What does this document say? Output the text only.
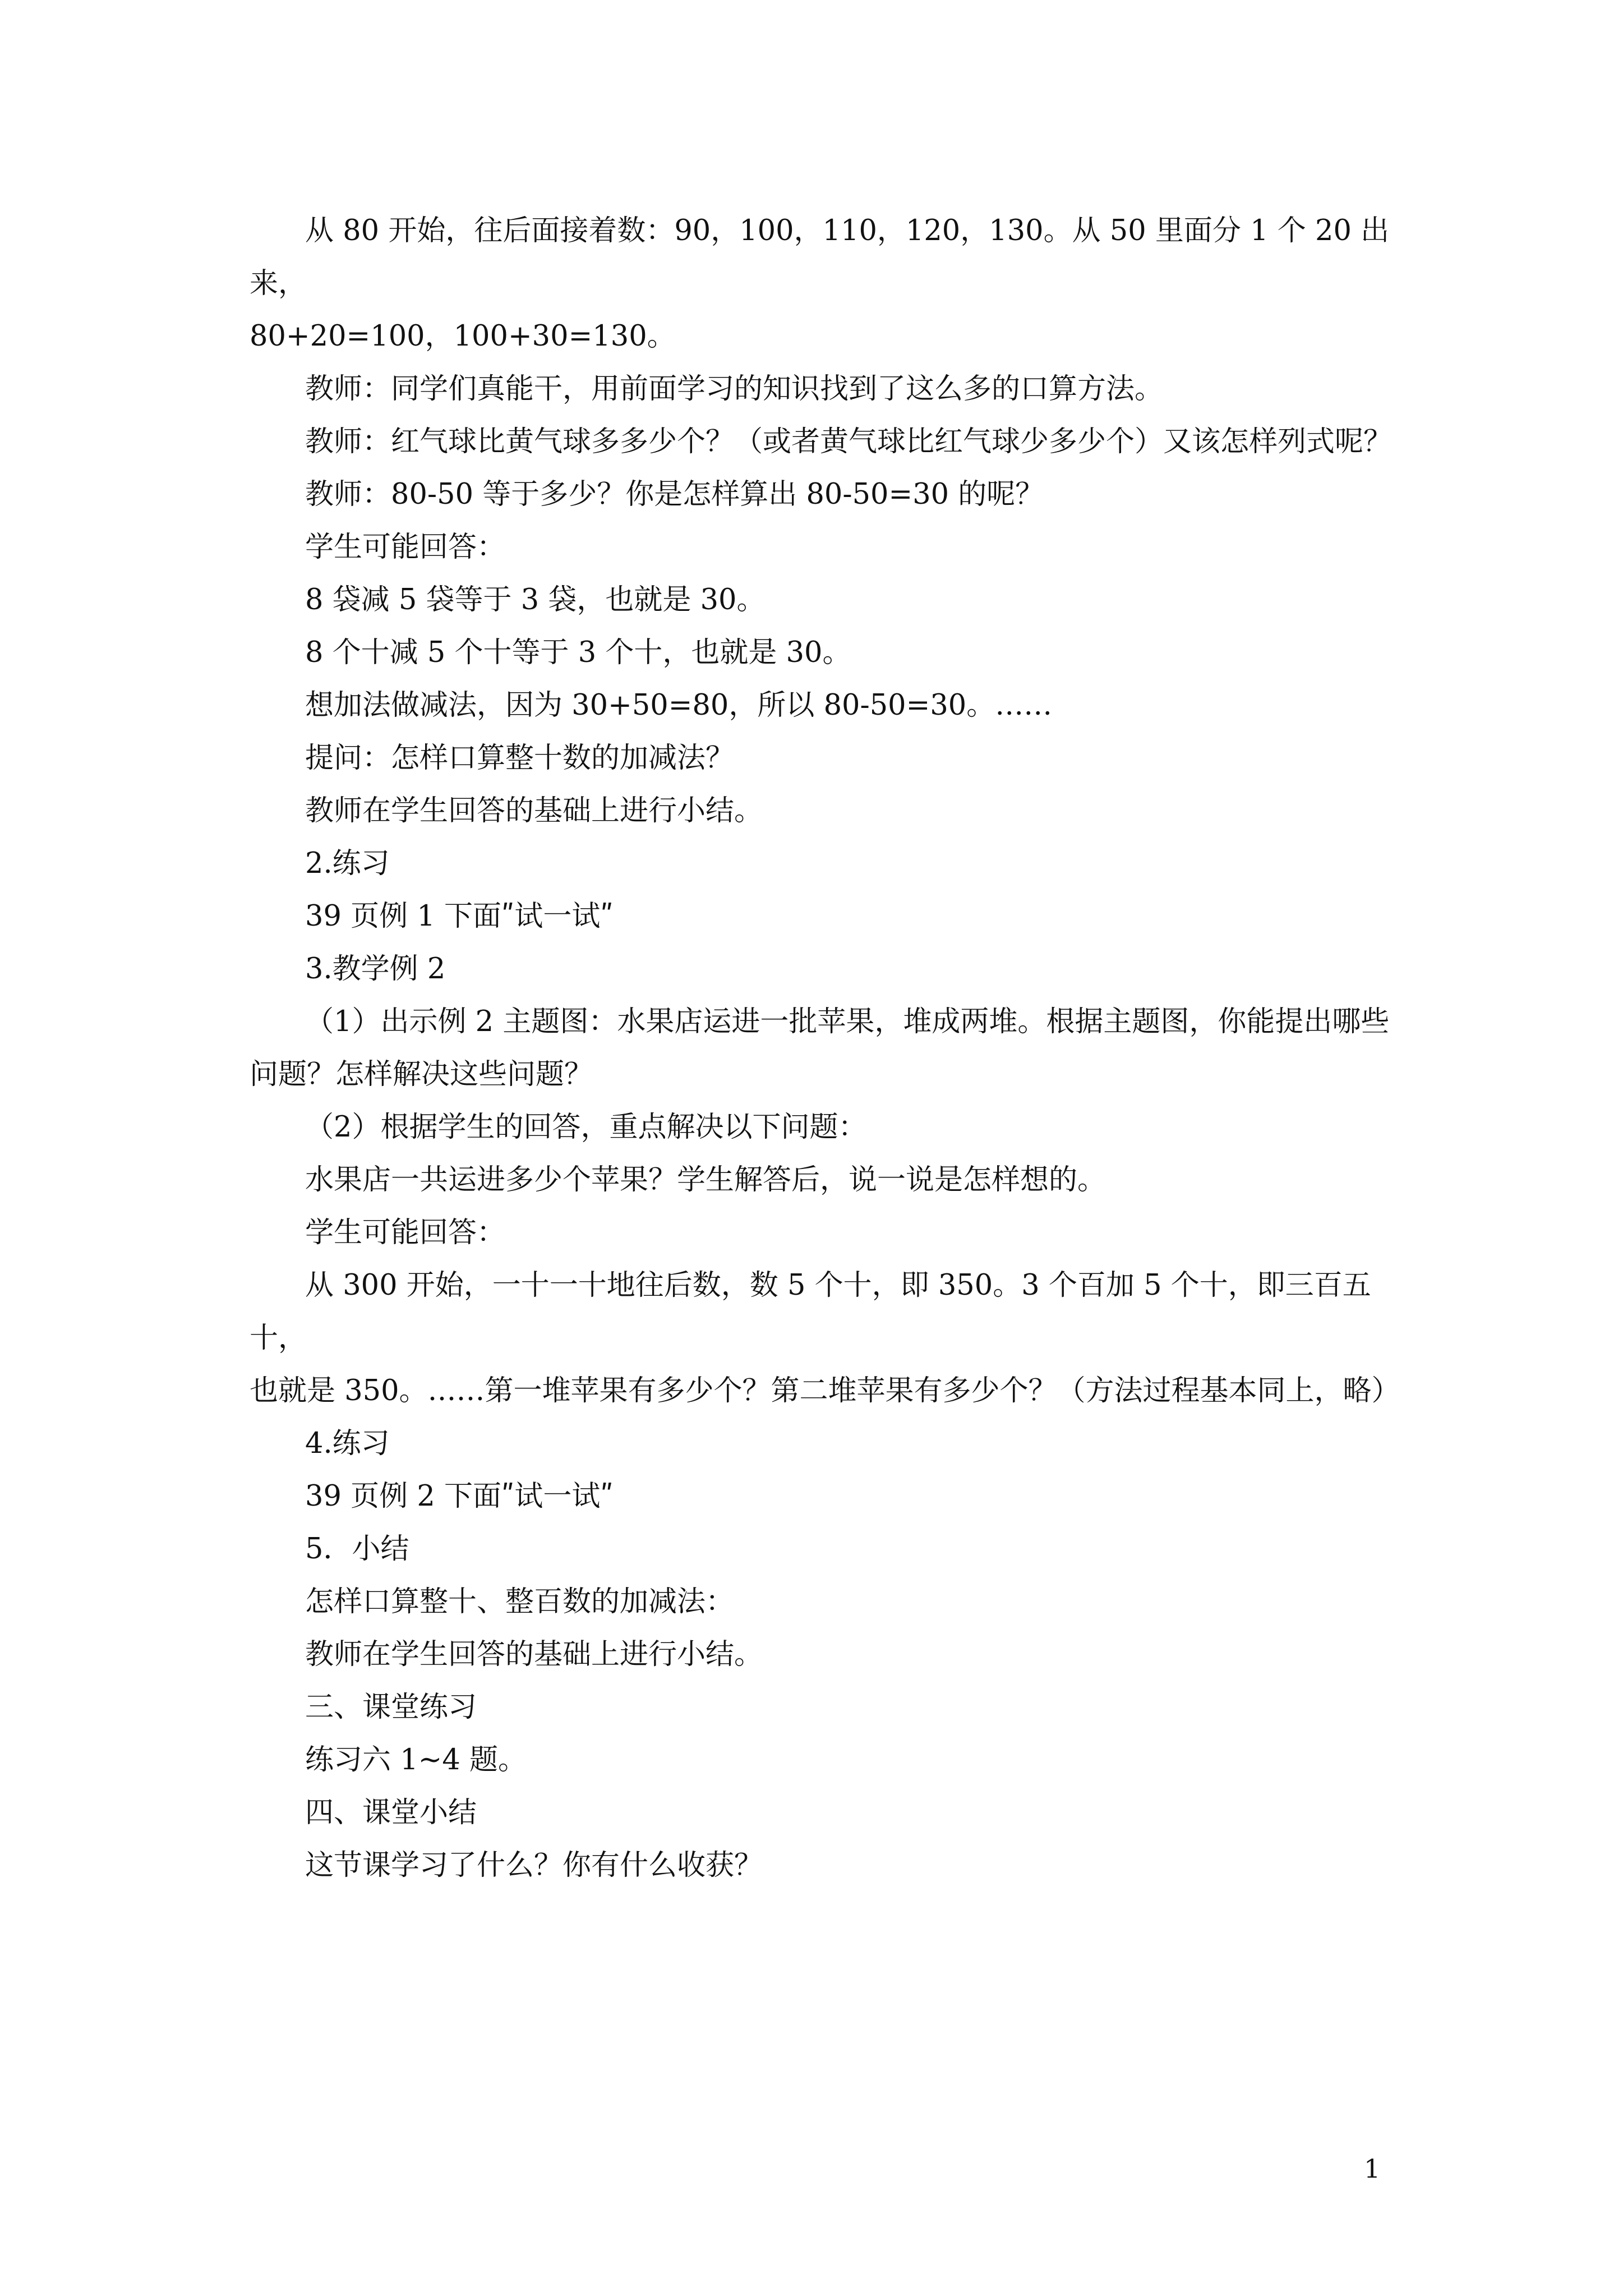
从 80 开始，往后面接着数：90，100，110，120，130。从 50 里面分 1 个 20 出来，
80+20=100，100+30=130。
教师：同学们真能干，用前面学习的知识找到了这么多的口算方法。
教师：红气球比黄气球多多少个？（或者黄气球比红气球少多少个）又该怎样列式呢？
教师：80-50 等于多少？你是怎样算出 80-50=30 的呢？
学生可能回答：
8 袋减 5 袋等于 3 袋，也就是 30。
8 个十减 5 个十等于 3 个十，也就是 30。
想加法做减法，因为 30+50=80，所以 80-50=30。……
提问：怎样口算整十数的加减法？
教师在学生回答的基础上进行小结。
2.练习
39 页例 1 下面ʺ试一试ʺ
3.教学例 2
（1）出示例 2 主题图：水果店运进一批苹果，堆成两堆。根据主题图，你能提出哪些
问题？怎样解决这些问题？
（2）根据学生的回答，重点解决以下问题：
水果店一共运进多少个苹果？学生解答后，说一说是怎样想的。
学生可能回答：
从 300 开始，一十一十地往后数，数 5 个十，即 350。3 个百加 5 个十，即三百五十，
也就是 350。……第一堆苹果有多少个？第二堆苹果有多少个？（方法过程基本同上，略）
4.练习
39 页例 2 下面ʺ试一试ʺ
5．小结
怎样口算整十、整百数的加减法：
教师在学生回答的基础上进行小结。
三、课堂练习
练习六 1~4 题。
四、课堂小结
这节课学习了什么？你有什么收获？
1
